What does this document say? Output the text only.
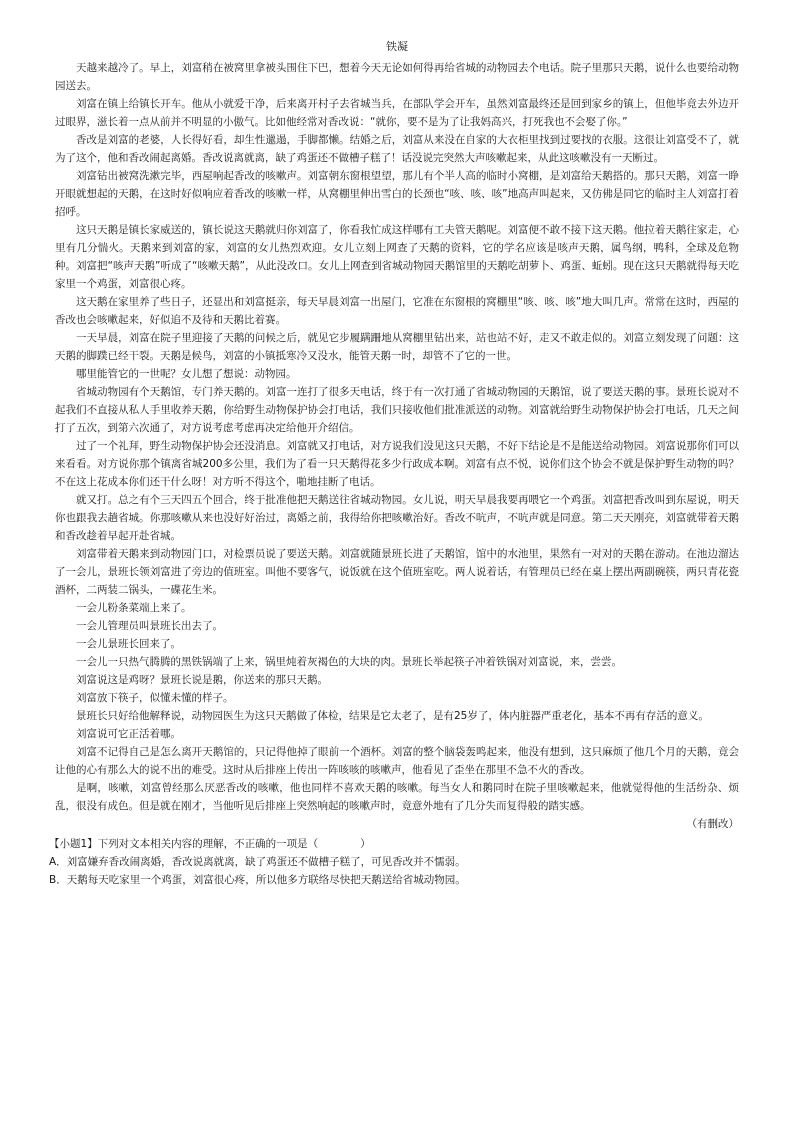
铁凝

天越来越冷了。早上，刘富稍在被窝里拿被头围住下巴，想着今天无论如何得再给省城的动物园去个电话。院子里那只天鹅，说什么也要给动物园送去。

刘富在镇上给镇长开车。他从小就爱干净，后来离开村子去省城当兵，在部队学会开车，虽然刘富最终还是回到家乡的镇上，但他毕竟去外边开过眼界，滋长着一点从前并不明显的小傲气。比如他经常对香改说：“就你，要不是为了让我妈高兴，打死我也不会娶了你。”

香改是刘富的老婆，人长得好看，却生性邋遢，手脚都懒。结婚之后，刘富从来没在自家的大衣柜里找到过要找的衣服。这很让刘富受不了，就为了这个，他和香改闹起离婚。香改说离就离，缺了鸡蛋还不做槽子糕了！话没说完突然大声咳嗽起来，从此这咳嗽没有一天断过。

刘富钻出被窝洗漱完毕，西屋响起香改的咳嗽声。刘富朝东窗根望望，那儿有个半人高的临时小窝棚，是刘富给天鹅搭的。那只天鹅，刘富一睁开眼就想起的天鹅，在这时好似响应着香改的咳嗽一样，从窝棚里伸出雪白的长颈也“咳、咳、咳”地高声叫起来，又仿佛是同它的临时主人刘富打着招呼。

这只天鹅是镇长家威送的，镇长说这天鹅就归你刘富了，你看我忙成这样哪有工夫管天鹅呢。刘富便不敢不接下这天鹅。他拉着天鹅往家走，心里有几分惴火。天鹅来到刘富的家，刘富的女儿热烈欢迎。女儿立刻上网查了天鹅的资料，它的学名应该是咳声天鹅，属鸟纲，鸭科，全球及危物种。刘富把“咳声天鹅”听成了“咳嗽天鹅”，从此没改口。女儿上网查到省城动物园天鹅馆里的天鹅吃胡萝卜、鸡蛋、蚯蚓。现在这只天鹅就得每天吃家里一个鸡蛋，刘富很心疼。

这天鹅在家里养了些日子，还显出和刘富挺亲，每天早晨刘富一出屋门，它准在东窗根的窝棚里“咳、咳、咳”地大叫几声。常常在这时，西屋的香改也会咳嗽起来，好似追不及待和天鹅比着赛。

一天早晨，刘富在院子里迎接了天鹅的问候之后，就见它步履蹒跚地从窝棚里钻出来，站也站不好，走又不敢走似的。刘富立刻发现了问题：这天鹅的脚蹼已经干裂。天鹅是候鸟，刘富的小镇抵寒冷又没水，能管天鹅一时，却管不了它的一世。

哪里能管它的一世呢？女儿想了想说：动物园。

省城动物园有个天鹅馆，专门养天鹅的。刘富一连打了很多天电话，终于有一次打通了省城动物园的天鹅馆，说了要送天鹅的事。景班长说对不起我们不直接从私人手里收养天鹅，你给野生动物保护协会打电话，我们只接收他们批准派送的动物。刘富就给野生动物保护协会打电话，几天之间打了五次，到第六次通了，对方说考虑考虑再决定给他开介绍信。

过了一个礼拜，野生动物保护协会还没消息。刘富就又打电话，对方说我们没见这只天鹅，不好下结论是不是能送给动物园。刘富说那你们可以来看看。对方说你那个镇离省城200多公里，我们为了看一只天鹅得花多少行政成本啊。刘富有点不悦，说你们这个协会不就是保护野生动物的吗？不在这上花成本你们还干什么呀！对方听不得这个，啪地挂断了电话。

就又打。总之有个三天四五个回合，终于批准他把天鹅送往省城动物园。女儿说，明天早晨我要再喂它一个鸡蛋。刘富把香改叫到东屋说，明天你也跟我去趟省城。你那咳嗽从来也没好好治过，离婚之前，我得给你把咳嗽治好。香改不吭声，不吭声就是同意。第二天天刚亮，刘富就带着天鹅和香改趁着早起开赴省城。

刘富带着天鹅来到动物园门口，对检票员说了要送天鹅。刘富就随景班长进了天鹅馆，馆中的水池里，果然有一对对的天鹅在游动。在池边溜达了一会儿，景班长领刘富进了旁边的值班室。叫他不要客气，说饭就在这个值班室吃。两人说着话，有管理员已经在桌上摆出两副碗筷，两只青花瓷酒杯，二两装二锅头，一碟花生米。

一会儿粉条菜端上来了。

一会儿管理员叫景班长出去了。

一会儿景班长回来了。

一会儿一只热气腾腾的黑铁锅端了上来，锅里炖着灰褐色的大块的肉。景班长举起筷子冲着铁锅对刘富说，来，尝尝。

刘富说这是鸡呀？景班长说是鹅，你送来的那只天鹅。

刘富放下筷子，似懂未懂的样子。

景班长只好给他解释说，动物园医生为这只天鹅做了体检，结果是它太老了，是有25岁了，体内脏器严重老化，基本不再有存活的意义。

刘富说可它正活着哪。

刘富不记得自己是怎么离开天鹅馆的，只记得他掉了眼前一个酒杯。刘富的整个脑袋轰鸣起来，他没有想到，这只麻烦了他几个月的天鹅，竟会让他的心有那么大的说不出的难受。这时从后排座上传出一阵咳咳的咳嗽声，他看见了歪坐在那里不急不火的香改。

是啊，咳嗽，刘富曾经那么厌恶香改的咳嗽，他也同样不喜欢天鹅的咳嗽。每当女人和鹅同时在院子里咳嗽起来，他就觉得他的生活纷杂、烦乱，很没有成色。但是就在刚才，当他听见后排座上突然响起的咳嗽声时，竟意外地有了几分失而复得般的踏实感。

（有删改）
【小题1】下列对文本相关内容的理解，不正确的一项是（　　　　）
A．刘富嫌弃香改闹离婚，香改说离就离，缺了鸡蛋还不做槽子糕了，可见香改并不懦弱。
B．天鹅每天吃家里一个鸡蛋，刘富很心疼，所以他多方联络尽快把天鹅送给省城动物园。
